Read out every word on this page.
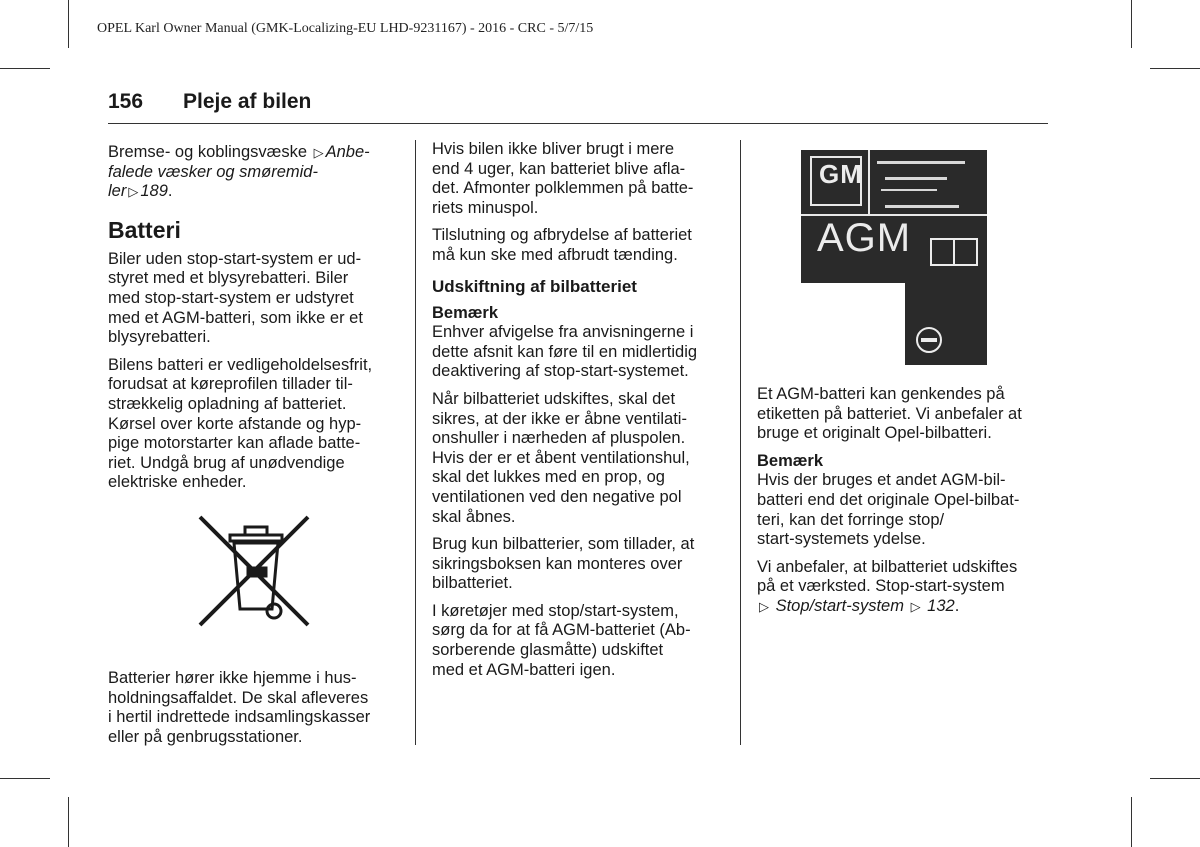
OPEL Karl Owner Manual (GMK-Localizing-EU LHD-9231167) - 2016 - CRC - 5/7/15
156 Pleje af bilen

Bremse- og koblingsvæske ▷ Anbe-
falede væsker og smøremid-
ler ▷ 189.

Batteri

Biler uden stop-start-system er ud-
styret med et blysyrebatteri. Biler
med stop-start-system er udstyret
med et AGM-batteri, som ikke er et
blysyrebatteri.

Bilens batteri er vedligeholdelsesfrit,
forudsat at køreprofilen tillader til-
strækkelig opladning af batteriet.
Kørsel over korte afstande og hyp-
pige motorstarter kan aflade batte-
riet. Undgå brug af unødvendige
elektriske enheder.

Batterier hører ikke hjemme i hus-
holdningsaffaldet. De skal afleveres
i hertil indrettede indsamlingskasser
eller på genbrugsstationer.

Hvis bilen ikke bliver brugt i mere
end 4 uger, kan batteriet blive afla-
det. Afmonter polklemmen på batte-
riets minuspol.

Tilslutning og afbrydelse af batteriet
må kun ske med afbrudt tænding.

Udskiftning af bilbatteriet

Bemærk

Enhver afvigelse fra anvisningerne i
dette afsnit kan føre til en midlertidig
deaktivering af stop-start-systemet.

Når bilbatteriet udskiftes, skal det
sikres, at der ikke er åbne ventilati-
onshuller i nærheden af pluspolen.
Hvis der er et åbent ventilationshul,
skal det lukkes med en prop, og
ventilationen ved den negative pol
skal åbnes.

Brug kun bilbatterier, som tillader, at
sikringsboksen kan monteres over
bilbatteriet.

I køretøjer med stop/start-system,
sørg da for at få AGM-batteriet (Ab-
sorberende glasmåtte) udskiftet
med et AGM-batteri igen.

GM
AGM

Et AGM-batteri kan genkendes på
etiketten på batteriet. Vi anbefaler at
bruge et originalt Opel-bilbatteri.

Bemærk

Hvis der bruges et andet AGM-bil-
batteri end det originale Opel-bilbat-
teri, kan det forringe stop/
start-systemets ydelse.

Vi anbefaler, at bilbatteriet udskiftes
på et værksted. Stop-start-system
▷ Stop/start-system ▷ 132.
